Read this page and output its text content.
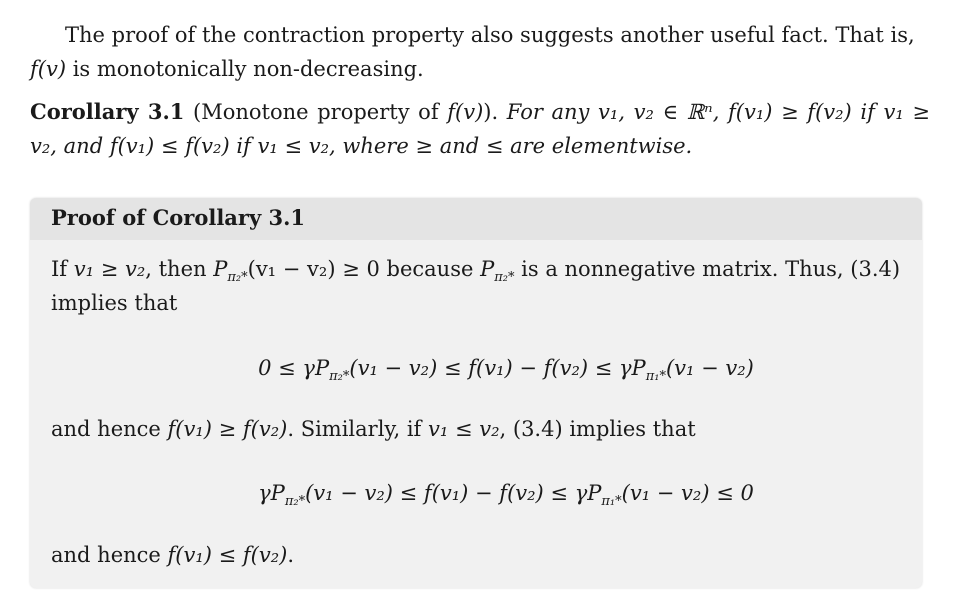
The proof of the contraction property also suggests another useful fact. That is, f(v) is monotonically non-decreasing.

Corollary 3.1 (Monotone property of f(v)). For any v₁, v₂ ∈ ℝⁿ, f(v₁) ≥ f(v₂) if v₁ ≥ v₂, and f(v₁) ≤ f(v₂) if v₁ ≤ v₂, where ≥ and ≤ are elementwise.

Proof of Corollary 3.1

If v₁ ≥ v₂, then $P_{\pi_2*}(v_1 - v_2) \ge 0$ because $P_{\pi_2*}$ is a nonnegative matrix. Thus, (3.4) implies that

$0 \le \gamma P_{\pi_2*}(v_1 - v_2) \le f(v_1) - f(v_2) \le \gamma P_{\pi_1*}(v_1 - v_2)$

and hence f(v₁) ≥ f(v₂). Similarly, if v₁ ≤ v₂, (3.4) implies that

$\gamma P_{\pi_2*}(v_1 - v_2) \le f(v_1) - f(v_2) \le \gamma P_{\pi_1*}(v_1 - v_2) \le 0$

and hence f(v₁) ≤ f(v₂).
